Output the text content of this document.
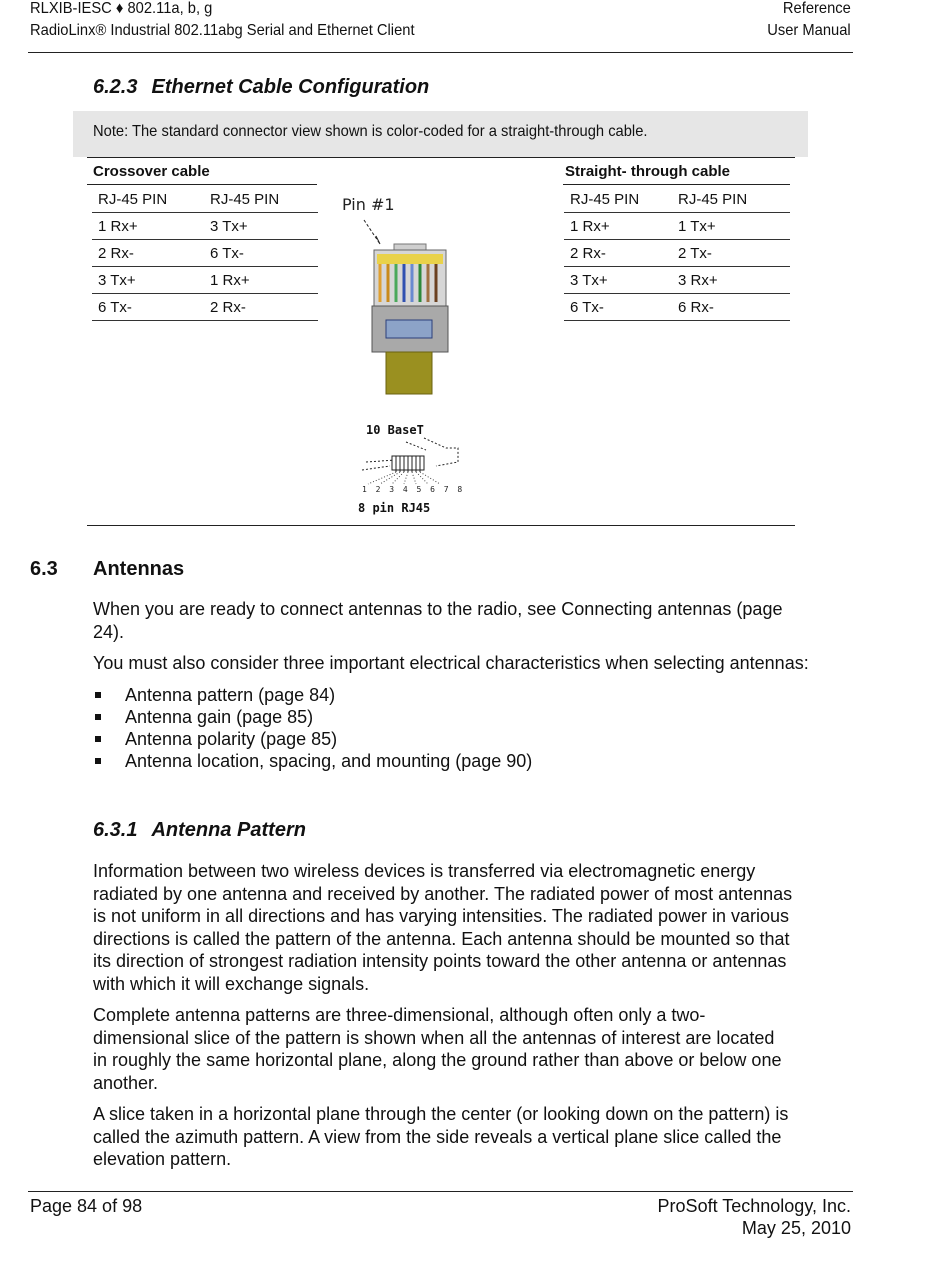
RLXIB-IESC ♦ 802.11a, b, g
RadioLinx® Industrial 802.11abg Serial and Ethernet Client
Reference
User Manual
6.2.3 Ethernet Cable Configuration
Note: The standard connector view shown is color-coded for a straight-through cable.
Crossover cable	Straight- through cable
RJ-45 PIN	RJ-45 PIN
1 Rx+	3 Tx+
2 Rx-	6 Tx-
3 Tx+	1 Rx+
6 Tx-	2 Rx-
RJ-45 PIN	RJ-45 PIN
1 Rx+	1 Tx+
2 Rx-	2 Tx-
3 Tx+	3 Rx+
6 Tx-	6 Rx-
Pin #1
10 BaseT
1 2 3 4 5 6 7 8
8 pin RJ45
6.3 Antennas

When you are ready to connect antennas to the radio, see Connecting antennas (page 24).

You must also consider three important electrical characteristics when selecting antennas:

Antenna pattern (page 84)
Antenna gain (page 85)
Antenna polarity (page 85)
Antenna location, spacing, and mounting (page 90)
6.3.1 Antenna Pattern

Information between two wireless devices is transferred via electromagnetic energy radiated by one antenna and received by another. The radiated power of most antennas is not uniform in all directions and has varying intensities. The radiated power in various directions is called the pattern of the antenna. Each antenna should be mounted so that its direction of strongest radiation intensity points toward the other antenna or antennas with which it will exchange signals.

Complete antenna patterns are three-dimensional, although often only a two-dimensional slice of the pattern is shown when all the antennas of interest are located in roughly the same horizontal plane, along the ground rather than above or below one another.

A slice taken in a horizontal plane through the center (or looking down on the pattern) is called the azimuth pattern. A view from the side reveals a vertical plane slice called the elevation pattern.

Page 84 of 98	ProSoft Technology, Inc.
May 25, 2010
